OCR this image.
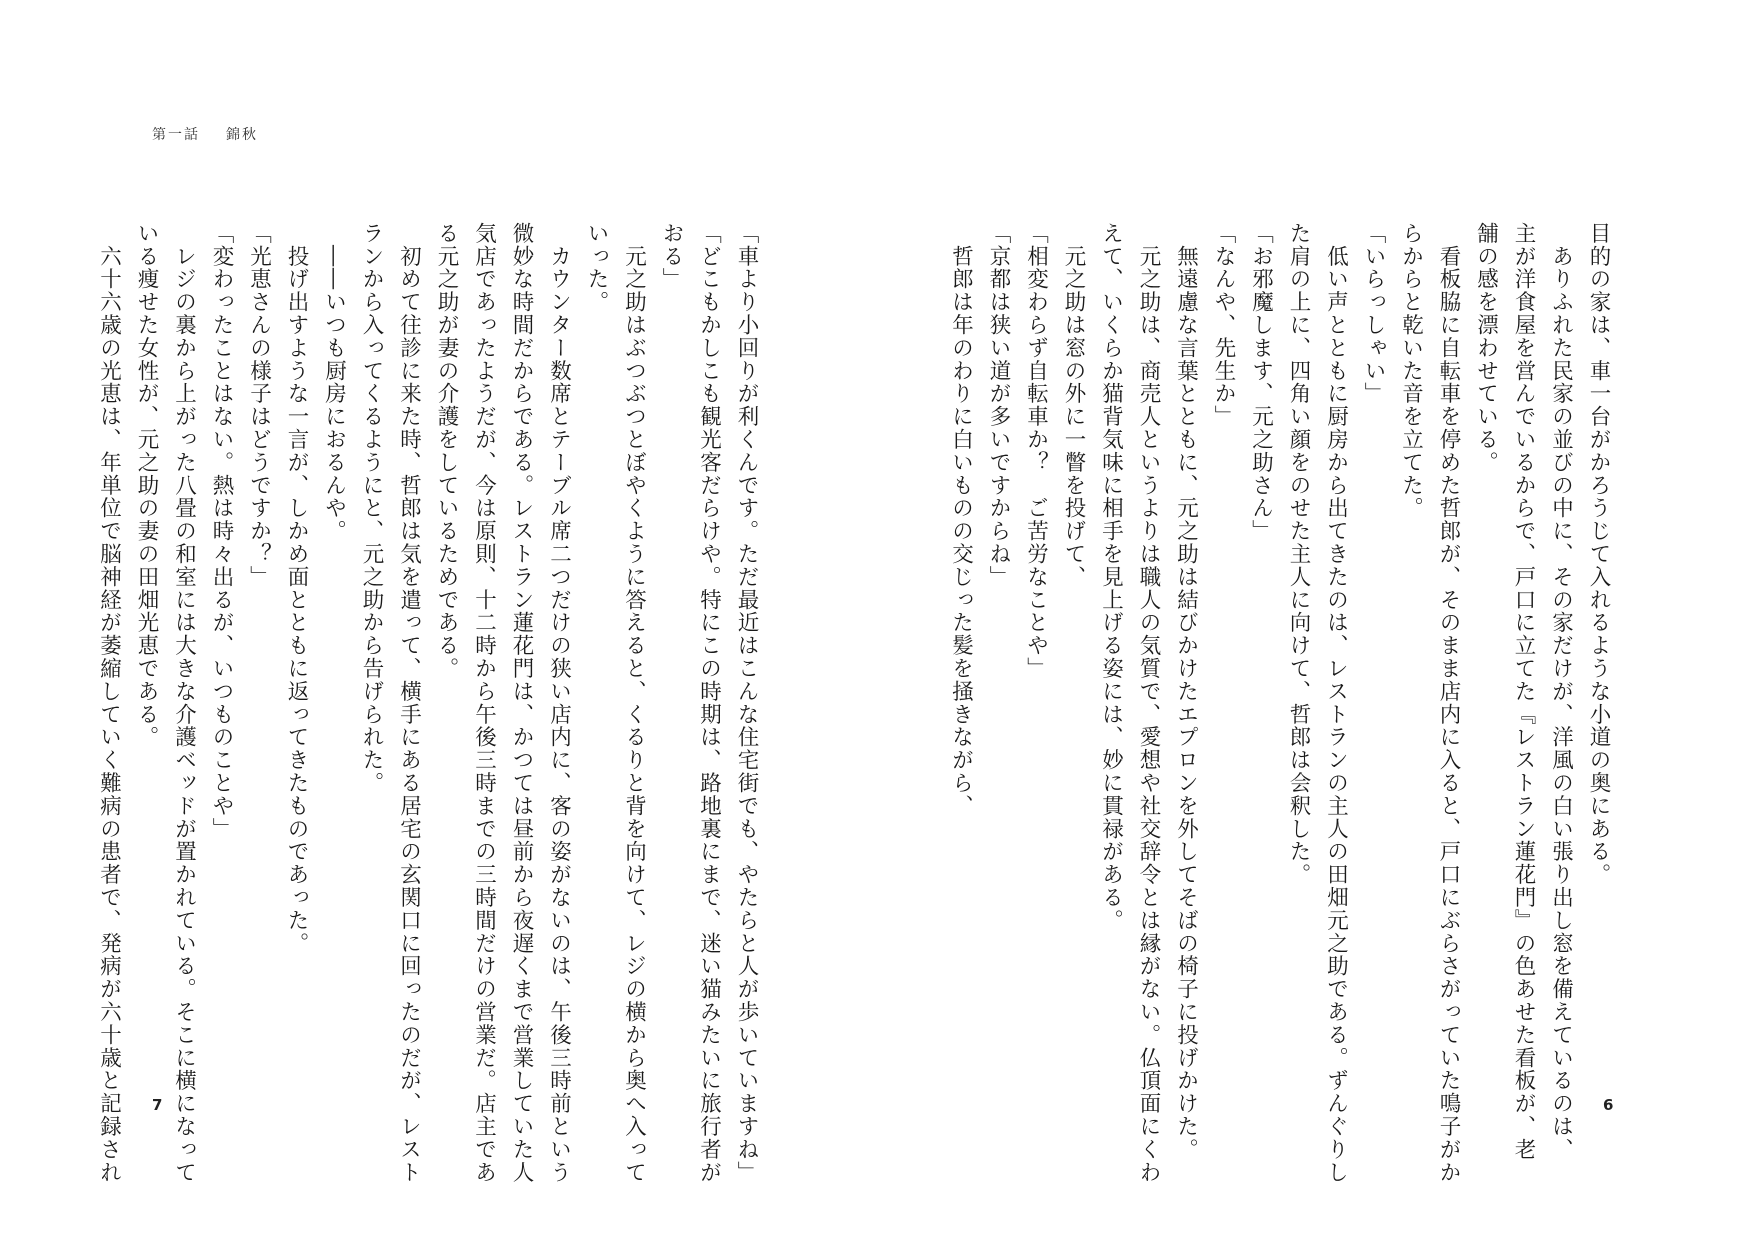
第一話 錦秋
目的の家は、車一台がかろうじて入れるような小道の奥にある。
　ありふれた民家の並びの中に、その家だけが、洋風の白い張り出し窓を備えているのは、
主が洋食屋を営んでいるからで、戸口に立てた『レストラン蓮花門』の色あせた看板が、老
舗の感を漂わせている。
　看板脇に自転車を停めた哲郎が、そのまま店内に入ると、戸口にぶらさがっていた鳴子がか
らからと乾いた音を立てた。
「いらっしゃい」
　低い声とともに厨房から出てきたのは、レストランの主人の田畑元之助である。ずんぐりし
た肩の上に、四角い顔をのせた主人に向けて、哲郎は会釈した。
「お邪魔します、元之助さん」
「なんや、先生か」
　無遠慮な言葉とともに、元之助は結びかけたエプロンを外してそばの椅子に投げかけた。
　元之助は、商売人というよりは職人の気質で、愛想や社交辞令とは縁がない。仏頂面にくわ
えて、いくらか猫背気味に相手を見上げる姿には、妙に貫禄がある。
　元之助は窓の外に一瞥を投げて、
「相変わらず自転車か？　ご苦労なことや」
「京都は狭い道が多いですからね」
　哲郎は年のわりに白いものの交じった髪を掻きながら、
「車より小回りが利くんです。ただ最近はこんな住宅街でも、やたらと人が歩いていますね」
「どこもかしこも観光客だらけや。特にこの時期は、路地裏にまで、迷い猫みたいに旅行者が
おる」
　元之助はぶつぶつとぼやくように答えると、くるりと背を向けて、レジの横から奥へ入って
いった。
　カウンター数席とテーブル席二つだけの狭い店内に、客の姿がないのは、午後三時前という
微妙な時間だからである。レストラン蓮花門は、かつては昼前から夜遅くまで営業していた人
気店であったようだが、今は原則、十二時から午後三時までの三時間だけの営業だ。店主であ
る元之助が妻の介護をしているためである。
　初めて往診に来た時、哲郎は気を遣って、横手にある居宅の玄関口に回ったのだが、レスト
ランから入ってくるようにと、元之助から告げられた。
　――いつも厨房におるんや。
　投げ出すような一言が、しかめ面とともに返ってきたものであった。
「光恵さんの様子はどうですか？」
「変わったことはない。熱は時々出るが、いつものことや」
　レジの裏から上がった八畳の和室には大きな介護ベッドが置かれている。そこに横になって
いる痩せた女性が、元之助の妻の田畑光恵である。
　六十六歳の光恵は、年単位で脳神経が萎縮していく難病の患者で、発病が六十歳と記録され	7	6
